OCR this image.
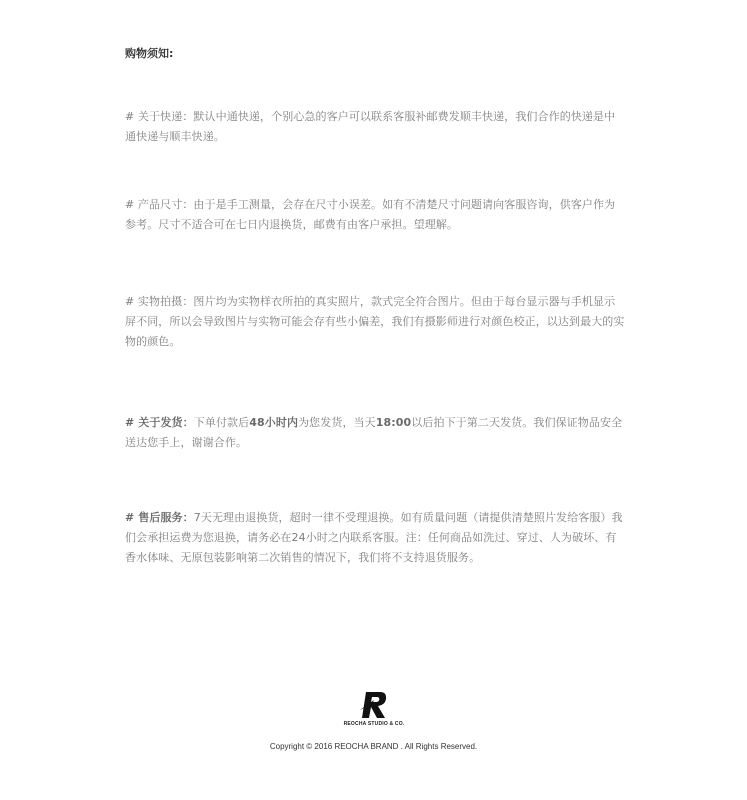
购物须知:
# 关于快递：默认中通快递，个别心急的客户可以联系客服补邮费发顺丰快递，我们合作的快递是中通快递与顺丰快递。
# 产品尺寸：由于是手工测量，会存在尺寸小误差。如有不清楚尺寸问题请向客服咨询，供客户作为参考。尺寸不适合可在七日内退换货，邮费有由客户承担。望理解。
# 实物拍摄：图片均为实物样衣所拍的真实照片，款式完全符合图片。但由于每台显示器与手机显示屏不同，所以会导致图片与实物可能会存有些小偏差，我们有摄影师进行对颜色校正，以达到最大的实物的颜色。
# 关于发货：下单付款后48小时内为您发货，当天18:00以后拍下于第二天发货。我们保证物品安全送达您手上，谢谢合作。
# 售后服务：7天无理由退换货，超时一律不受理退换。如有质量问题（请提供清楚照片发给客服）我们会承担运费为您退换，请务必在24小时之内联系客服。注：任何商品如洗过、穿过、人为破坏、有香水体味、无原包装影响第二次销售的情况下，我们将不支持退货服务。
REOCHA STUDIO & CO.
Copyright © 2016 REOCHA BRAND . All Rights Reserved.
